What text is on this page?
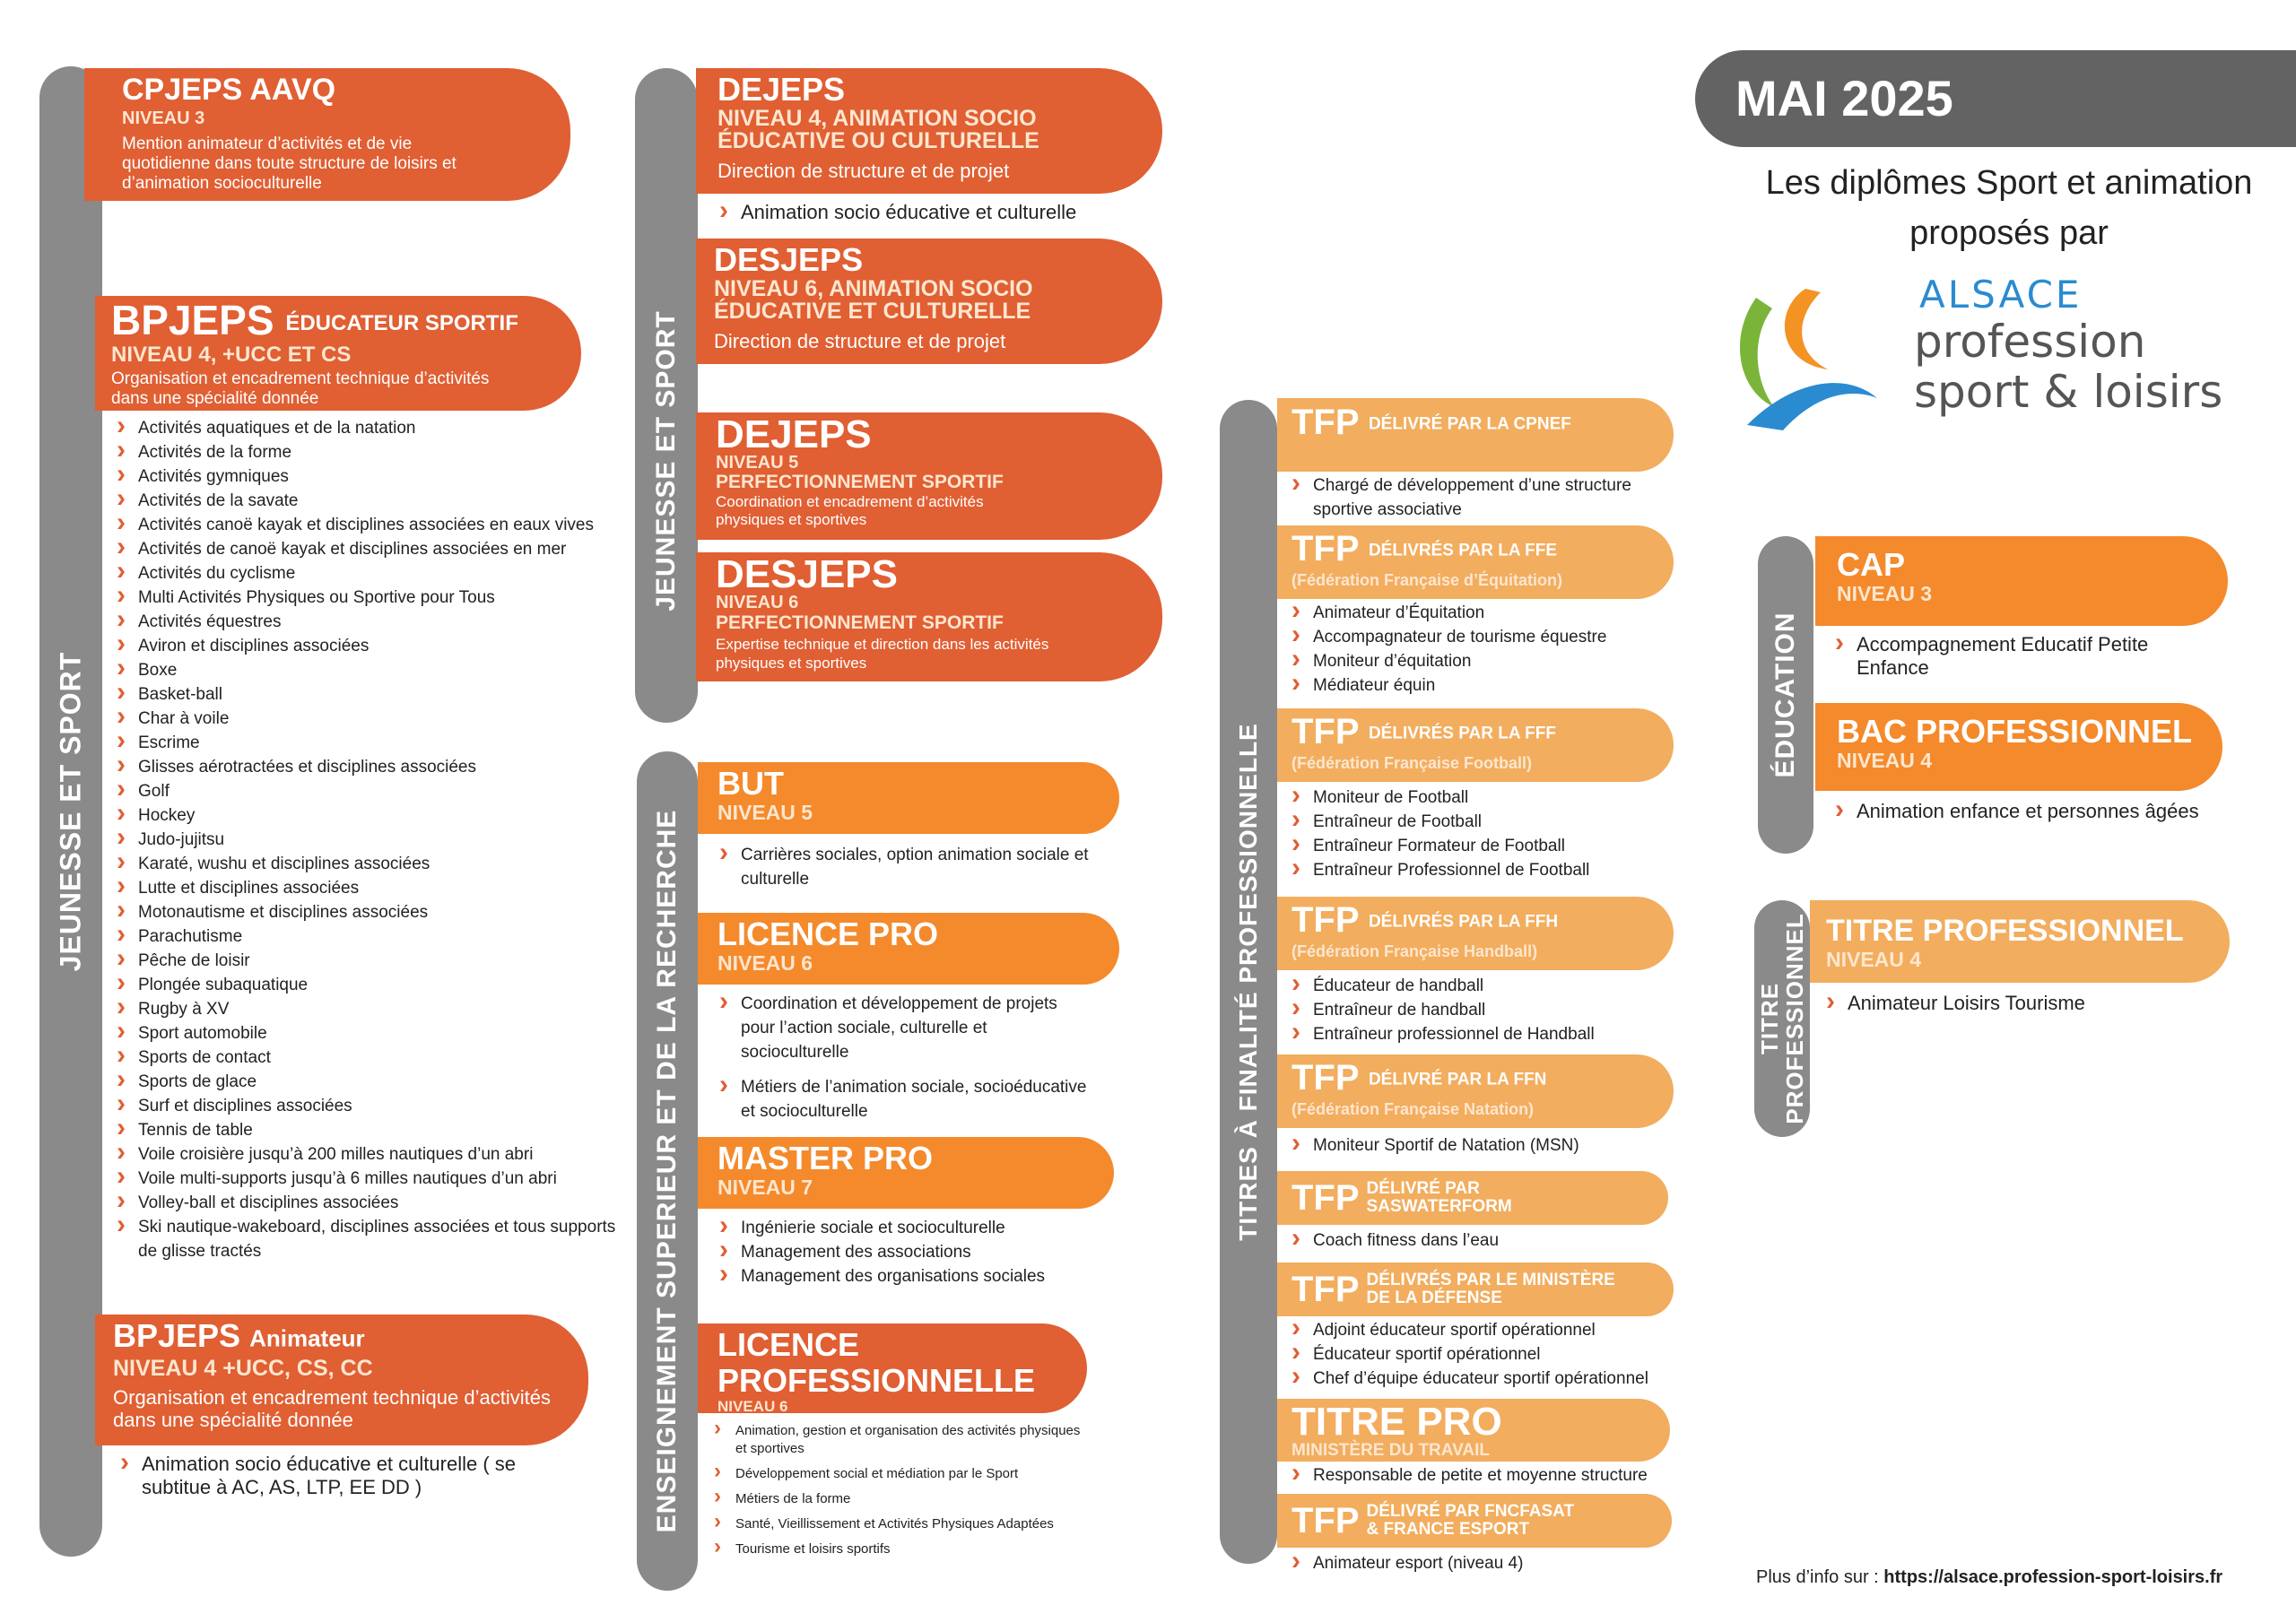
JEUNESSE ET SPORT
JEUNESSE ET SPORT
ENSEIGNEMENT SUPERIEUR ET DE LA RECHERCHE	TITRES À FINALITÉ PROFESSIONNELLE
ÉDUCATION
TITRE
PROFESSIONNEL
CPJEPS AAVQ
NIVEAU 3
Mention animateur d’activités et de vie quotidienne dans toute structure de loisirs et d’animation socioculturelle
BPJEPS ÉDUCATEUR SPORTIF
NIVEAU 4, +UCC ET CS
Organisation et encadrement technique d’activités dans une spécialité donnée
› Activités aquatiques et de la natation
› Activités de la forme
› Activités gymniques
› Activités de la savate
› Activités canoë kayak et disciplines associées en eaux vives
› Activités de canoë kayak et disciplines associées en mer
› Activités du cyclisme
› Multi Activités Physiques ou Sportive pour Tous
› Activités équestres
› Aviron et disciplines associées
› Boxe
› Basket-ball
› Char à voile
› Escrime
› Glisses aérotractées et disciplines associées
› Golf
› Hockey
› Judo-jujitsu
› Karaté, wushu et disciplines associées
› Lutte et disciplines associées
› Motonautisme et disciplines associées
› Parachutisme
› Pêche de loisir
› Plongée subaquatique
› Rugby à XV
› Sport automobile
› Sports de contact
› Sports de glace
› Surf et disciplines associées
› Tennis de table
› Voile croisière jusqu’à 200 milles nautiques d’un abri
› Voile multi-supports jusqu’à 6 milles nautiques d’un abri
› Volley-ball et disciplines associées
› Ski nautique-wakeboard, disciplines associées et tous supports de glisse tractés
BPJEPS Animateur
NIVEAU 4 +UCC, CS, CC
Organisation et encadrement technique d’activités dans une spécialité donnée
› Animation socio éducative et culturelle ( se subtitue à AC, AS, LTP, EE DD )
DEJEPS
NIVEAU 4, ANIMATION SOCIO ÉDUCATIVE OU CULTURELLE
Direction de structure et de projet
› Animation socio éducative et culturelle
DESJEPS
NIVEAU 6, ANIMATION SOCIO ÉDUCATIVE ET CULTURELLE
Direction de structure et de projet
DEJEPS
NIVEAU 5
PERFECTIONNEMENT SPORTIF
Coordination et encadrement d’activités physiques et sportives
DESJEPS
NIVEAU 6
PERFECTIONNEMENT SPORTIF
Expertise technique et direction dans les activités physiques et sportives
BUT
NIVEAU 5
› Carrières sociales, option animation sociale et culturelle
LICENCE PRO
NIVEAU 6
› Coordination et développement de projets pour l’action sociale, culturelle et socioculturelle
› Métiers de l’animation sociale, socioéducative et socioculturelle
MASTER PRO
NIVEAU 7
› Ingénierie sociale et socioculturelle
› Management des associations
› Management des organisations sociales
LICENCE PROFESSIONNELLE
NIVEAU 6
› Animation, gestion et organisation des activités physiques et sportives
› Développement social et médiation par le Sport
› Métiers de la forme
› Santé, Vieillissement et Activités Physiques Adaptées
› Tourisme et loisirs sportifs
TFP DÉLIVRÉ PAR LA CPNEF
› Chargé de développement d’une structure sportive associative
TFP DÉLIVRÉS PAR LA FFE
(Fédération Française d’Équitation)
› Animateur d’Équitation
› Accompagnateur de tourisme équestre
› Moniteur d’équitation
› Médiateur équin
TFP DÉLIVRÉS PAR LA FFF
(Fédération Française Football)
› Moniteur de Football
› Entraîneur de Football
› Entraîneur Formateur de Football
› Entraîneur Professionnel de Football
TFP DÉLIVRÉS PAR LA FFH
(Fédération Française Handball)
› Éducateur de handball
› Entraîneur de handball
› Entraîneur professionnel de Handball
TFP DÉLIVRÉ PAR LA FFN
(Fédération Française Natation)
› Moniteur Sportif de Natation (MSN)
TFP	DÉLIVRÉ PAR
SASWATERFORM
› Coach fitness dans l’eau
TFP	DÉLIVRÉS PAR LE MINISTÈRE
DE LA DÉFENSE
› Adjoint éducateur sportif opérationnel
› Éducateur sportif opérationnel
› Chef d’équipe éducateur sportif opérationnel
TITRE PRO
MINISTÈRE DU TRAVAIL
› Responsable de petite et moyenne structure
TFP	DÉLIVRÉ PAR FNCFASAT
& FRANCE ESPORT
› Animateur esport (niveau 4)
MAI 2025
Les diplômes Sport et animation proposés par
ALSACE
profession
sport & loisirs
CAP
NIVEAU 3
› Accompagnement Educatif Petite Enfance
BAC PROFESSIONNEL
NIVEAU 4
› Animation enfance et personnes âgées
TITRE PROFESSIONNEL
NIVEAU 4
› Animateur Loisirs Tourisme
Plus d’info sur : https://alsace.profession-sport-loisirs.fr
